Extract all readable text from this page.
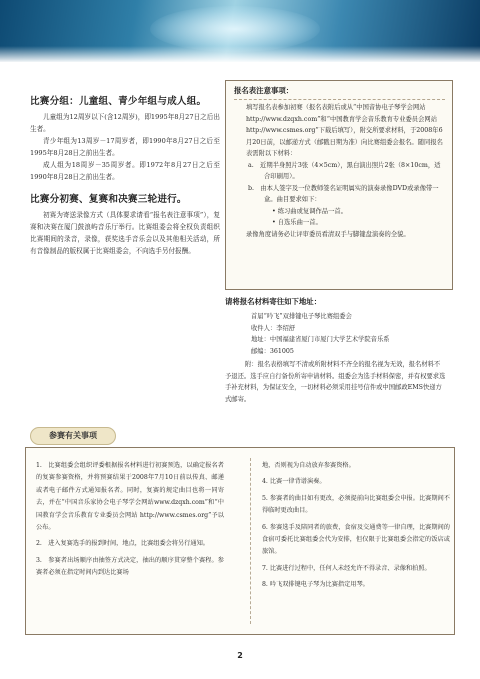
比赛分组：儿童组、青少年组与成人组。

儿童组为12周岁以下(含12周岁)，即1995年8月27日之后出生者。

青少年组为13周岁－17周岁者，即1990年8月27日之后至1995年8月28日之前出生者。

成人组为18周岁－35周岁者。即1972年8月27日之后至1990年8月28日之前出生者。

比赛分初赛、复赛和决赛三轮进行。

初赛为寄送录像方式（具体要求请看“报名表注意事项”），复赛和决赛在厦门鼓浪屿音乐厅举行。比赛组委会将全权负责组织比赛期间的录音，录像，获奖选手音乐会以及其他相关活动，所有音像制品的版权属于比赛组委会，不向选手另付报酬。

报名表注意事项：

填写报名表参加初赛（报名表附后或从“中国音协电子琴学会网站http://www.dzqxh.com”和“中国教育学会音乐教育专业委员会网站 http://www.csmes.org”下载后填写），附交所要求材料，于2008年6月20日前，以邮递方式（邮戳日期为准）向比赛组委会报名。随同报名表需附以下材料：

a.　近期半身照片3张（4×5cm），黑白演出照片2张（8×10cm，适合印刷用）。

b.　由本人签字及一位教师签名证明属实的演奏录像DVD或录像带一盒。曲目要求如下：

• 练习曲或复调作品一首。

• 自选乐曲一首。

录像角度请务必让评审委员看清双手与脚键盘演奏的全貌。

请将报名材料寄往如下地址：

首届“吟飞”双排键电子琴比赛组委会

收件人：李绍舒

地址：中国福建省厦门市厦门大学艺术学院音乐系

邮编：361005

附：报名表格填写不清或所附材料不齐全的报名视为无效，报名材料不予退还。选手应自行备份所寄申请材料。组委会为选手材料保密，并有权要求选手补充材料，为保证安全，一切材料必须采用挂号信件或中国邮政EMS快递方式邮寄。

参赛有关事项

1.　比赛组委会组织评委根据报名材料进行初赛预选，以确定报名者的复赛参赛资格，并将预赛结果于2008年7月10日前以传真、邮递或者电子邮件方式通知报名者。同时，复赛的规定曲目也将一同寄去，并在“中国音乐家协会电子琴学会网站www.dzqxh.com”和“中国教育学会音乐教育专业委员会网站 http://www.csmes.org”予以公布。

2.　进入复赛选手的报到时间，地点，比赛组委会将另行通知。

3.　参赛者出场顺序由抽签方式决定，抽出的顺序贯穿整个赛程。参赛者必须在指定时间内到达比赛场

地，否则视为自动放弃参赛资格。

4. 比赛一律背谱演奏。

5. 参赛者的曲目如有更改，必须提前向比赛组委会申报。比赛期间不得临时更改曲目。

6. 参赛选手及陪同者的旅费，食宿及交通费等一律自理，比赛期间的食宿可委托比赛组委会代为安排，但仅限于比赛组委会指定的饭店或旅馆。

7. 比赛进行过程中，任何人未经允许不得录音、录像和拍照。

8. 吟飞双排键电子琴为比赛指定用琴。

2
